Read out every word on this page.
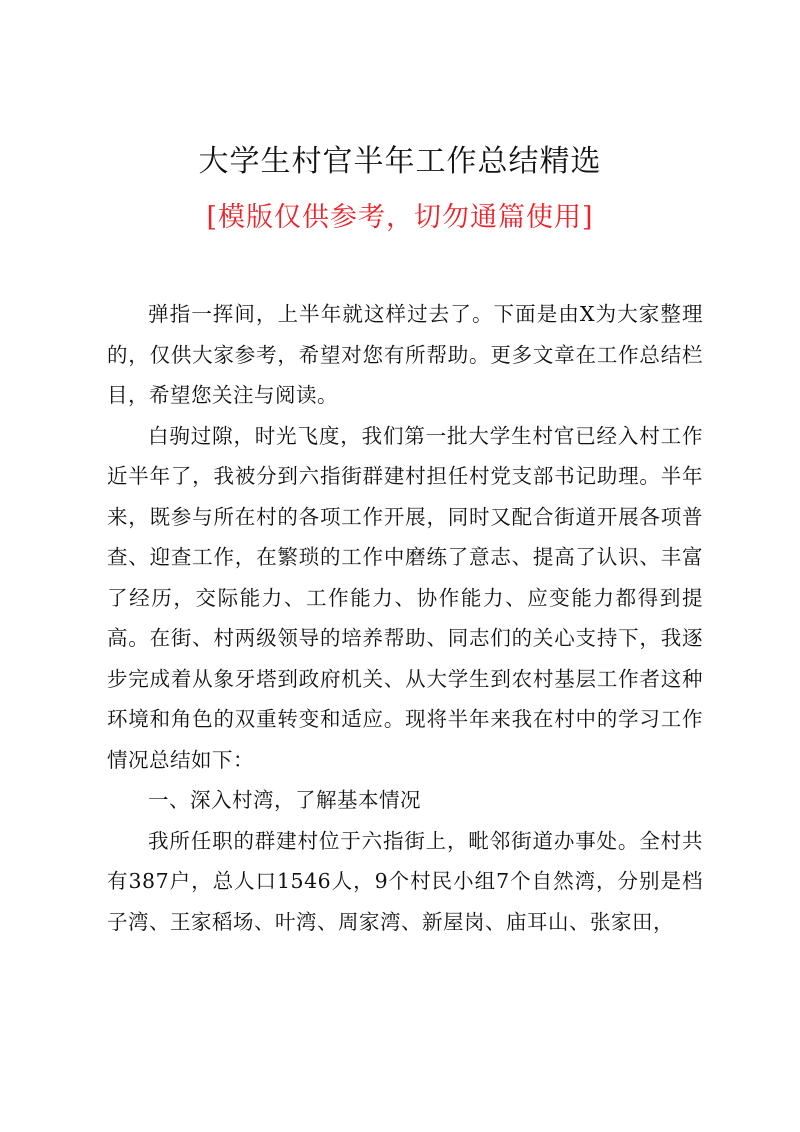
大学生村官半年工作总结精选
[模版仅供参考，切勿通篇使用]

弹指一挥间，上半年就这样过去了。下面是由X为大家整理的，仅供大家参考，希望对您有所帮助。更多文章在工作总结栏目，希望您关注与阅读。

白驹过隙，时光飞度，我们第一批大学生村官已经入村工作近半年了，我被分到六指街群建村担任村党支部书记助理。半年来，既参与所在村的各项工作开展，同时又配合街道开展各项普查、迎查工作，在繁琐的工作中磨练了意志、提高了认识、丰富了经历，交际能力、工作能力、协作能力、应变能力都得到提高。在街、村两级领导的培养帮助、同志们的关心支持下，我逐步完成着从象牙塔到政府机关、从大学生到农村基层工作者这种环境和角色的双重转变和适应。现将半年来我在村中的学习工作情况总结如下：

一、深入村湾，了解基本情况

我所任职的群建村位于六指街上，毗邻街道办事处。全村共有387户，总人口1546人，9个村民小组7个自然湾，分别是档子湾、王家稻场、叶湾、周家湾、新屋岗、庙耳山、张家田，
